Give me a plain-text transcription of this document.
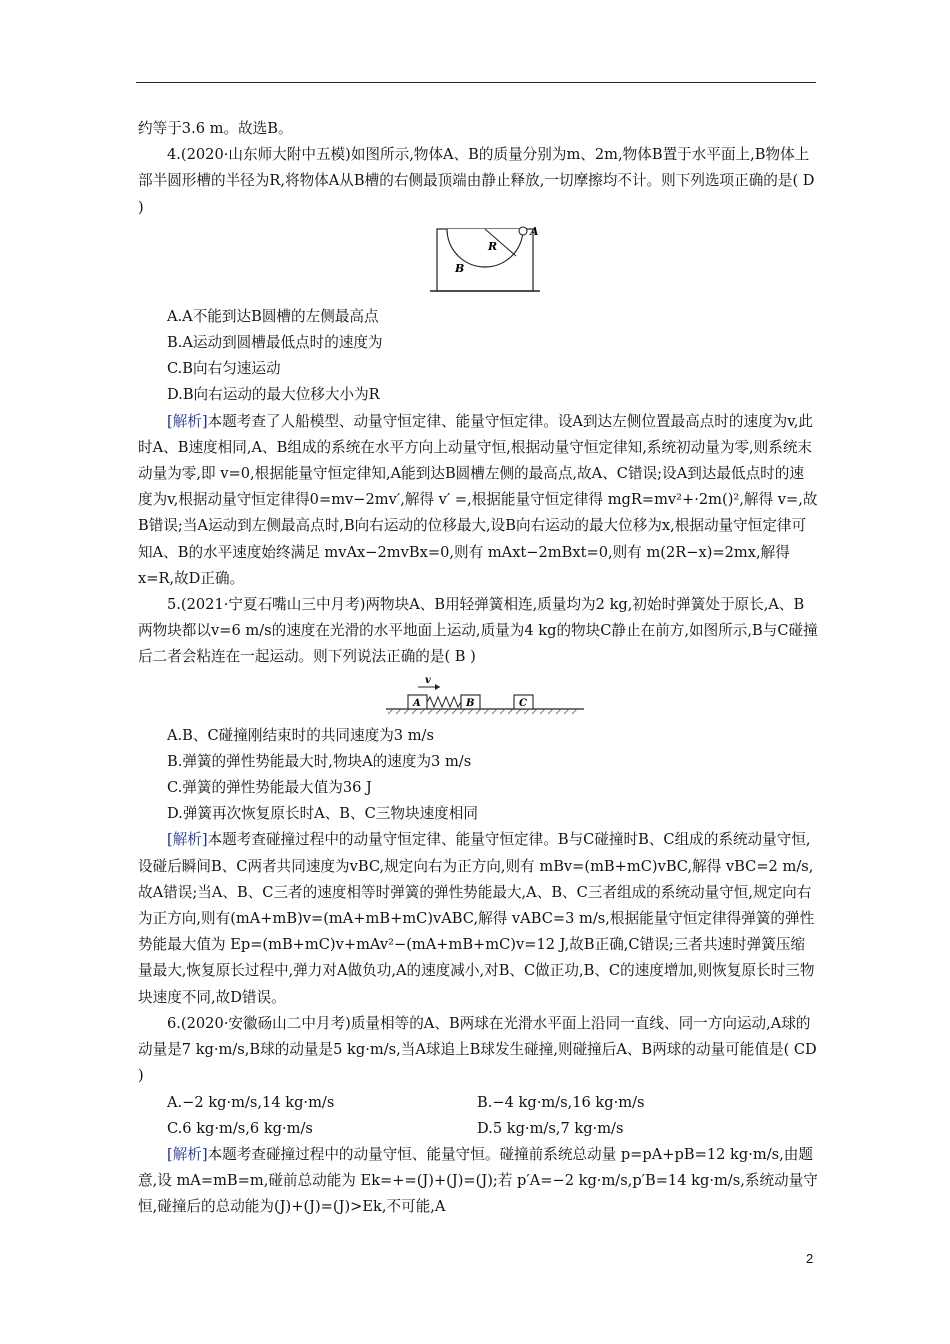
约等于3.6 m。故选B。

4.(2020·山东师大附中五模)如图所示,物体A、B的质量分别为m、2m,物体B置于水平面上,B物体上部半圆形槽的半径为R,将物体A从B槽的右侧最顶端由静止释放,一切摩擦均不计。则下列选项正确的是( D )

A
R
B

A.A不能到达B圆槽的左侧最高点

B.A运动到圆槽最低点时的速度为

C.B向右匀速运动

D.B向右运动的最大位移大小为R

[解析]本题考查了人船模型、动量守恒定律、能量守恒定律。设A到达左侧位置最高点时的速度为v,此时A、B速度相同,A、B组成的系统在水平方向上动量守恒,根据动量守恒定律知,系统初动量为零,则系统末动量为零,即 v=0,根据能量守恒定律知,A能到达B圆槽左侧的最高点,故A、C错误;设A到达最低点时的速度为v,根据动量守恒定律得0=mv−2mv′,解得 v′ =,根据能量守恒定律得 mgR=mv²+·2m()²,解得 v=,故B错误;当A运动到左侧最高点时,B向右运动的位移最大,设B向右运动的最大位移为x,根据动量守恒定律可知A、B的水平速度始终满足 mvAx−2mvBx=0,则有 mAxt−2mBxt=0,则有 m(2R−x)=2mx,解得 x=R,故D正确。

5.(2021·宁夏石嘴山三中月考)两物块A、B用轻弹簧相连,质量均为2 kg,初始时弹簧处于原长,A、B两物块都以v=6 m/s的速度在光滑的水平地面上运动,质量为4 kg的物块C静止在前方,如图所示,B与C碰撞后二者会粘连在一起运动。则下列说法正确的是( B )

A	B	C
v

A.B、C碰撞刚结束时的共同速度为3 m/s

B.弹簧的弹性势能最大时,物块A的速度为3 m/s

C.弹簧的弹性势能最大值为36 J

D.弹簧再次恢复原长时A、B、C三物块速度相同

[解析]本题考查碰撞过程中的动量守恒定律、能量守恒定律。B与C碰撞时B、C组成的系统动量守恒,设碰后瞬间B、C两者共同速度为vBC,规定向右为正方向,则有 mBv=(mB+mC)vBC,解得 vBC=2 m/s,故A错误;当A、B、C三者的速度相等时弹簧的弹性势能最大,A、B、C三者组成的系统动量守恒,规定向右为正方向,则有(mA+mB)v=(mA+mB+mC)vABC,解得 vABC=3 m/s,根据能量守恒定律得弹簧的弹性势能最大值为 Ep=(mB+mC)v+mAv²−(mA+mB+mC)v=12 J,故B正确,C错误;三者共速时弹簧压缩量最大,恢复原长过程中,弹力对A做负功,A的速度减小,对B、C做正功,B、C的速度增加,则恢复原长时三物块速度不同,故D错误。

6.(2020·安徽砀山二中月考)质量相等的A、B两球在光滑水平面上沿同一直线、同一方向运动,A球的动量是7 kg·m/s,B球的动量是5 kg·m/s,当A球追上B球发生碰撞,则碰撞后A、B两球的动量可能值是( CD )

A.−2 kg·m/s,14 kg·m/s	B.−4 kg·m/s,16 kg·m/s
C.6 kg·m/s,6 kg·m/s	D.5 kg·m/s,7 kg·m/s

[解析]本题考查碰撞过程中的动量守恒、能量守恒。碰撞前系统总动量 p=pA+pB=12 kg·m/s,由题意,设 mA=mB=m,碰前总动能为 Ek=+=(J)+(J)=(J);若 p′A=−2 kg·m/s,p′B=14 kg·m/s,系统动量守恒,碰撞后的总动能为(J)+(J)=(J)>Ek,不可能,A

2
